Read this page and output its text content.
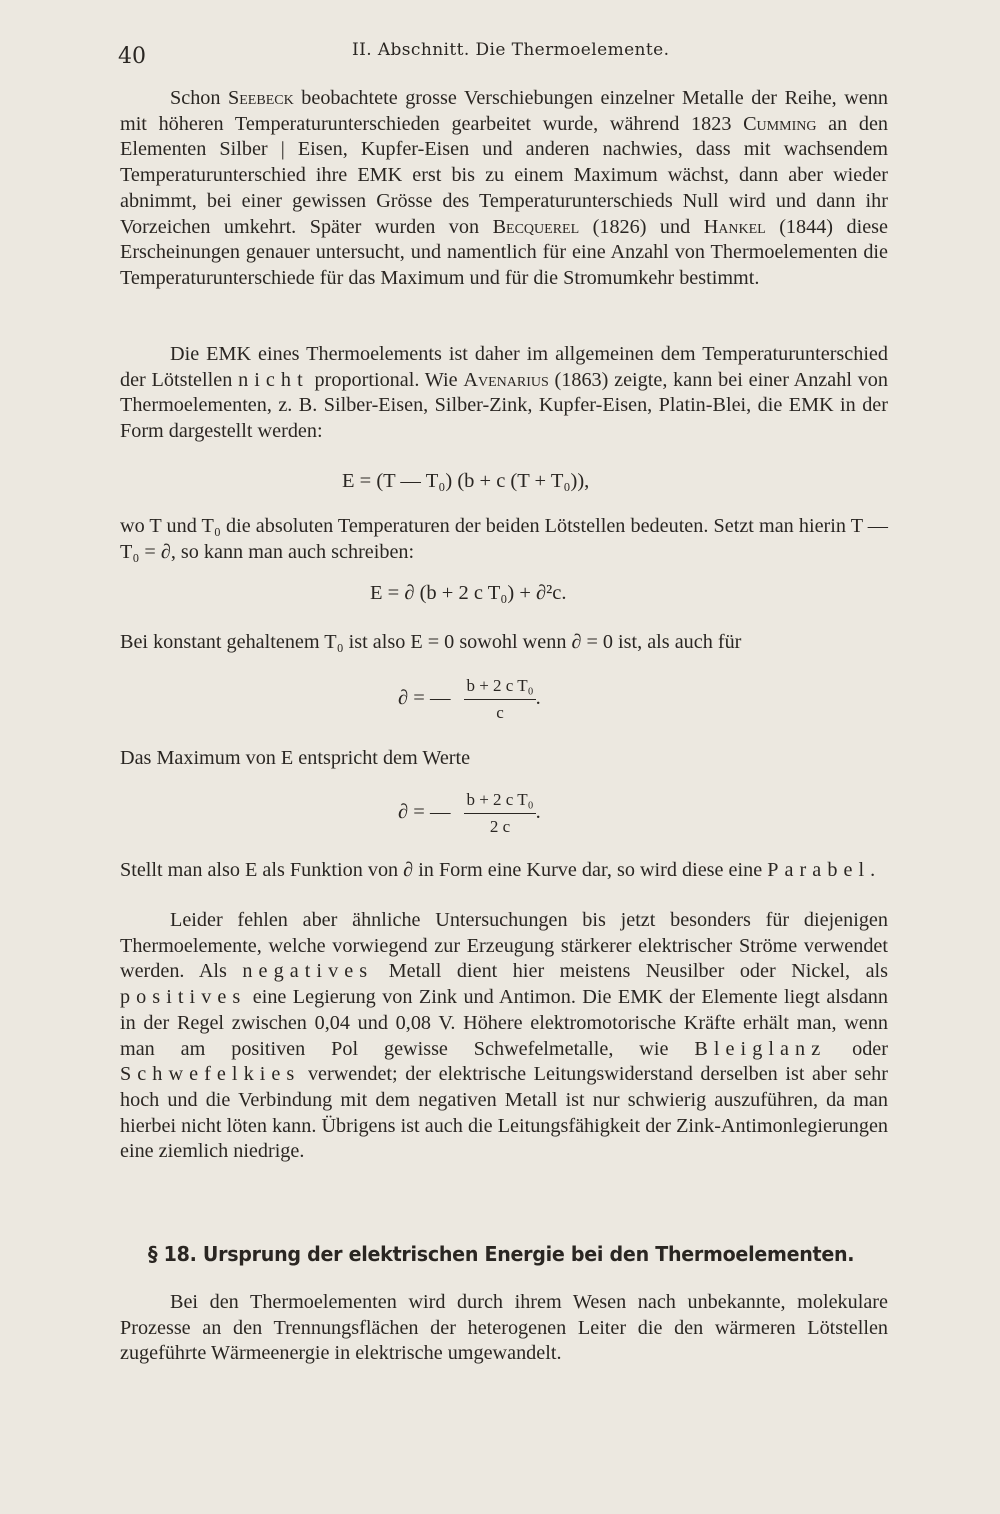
40	II. Abschnitt. Die Thermoelemente.
Schon Seebeck beobachtete grosse Verschiebungen einzelner Metalle der Reihe, wenn mit höheren Temperaturunterschieden gearbeitet wurde, während 1823 Cumming an den Elementen Silber | Eisen, Kupfer-Eisen und anderen nachwies, dass mit wachsendem Temperaturunterschied ihre EMK erst bis zu einem Maximum wächst, dann aber wieder abnimmt, bei einer gewissen Grösse des Temperaturunterschieds Null wird und dann ihr Vorzeichen umkehrt. Später wurden von Becquerel (1826) und Hankel (1844) diese Erscheinungen genauer untersucht, und namentlich für eine Anzahl von Thermoelementen die Temperaturunterschiede für das Maximum und für die Stromumkehr bestimmt.
Die EMK eines Thermoelements ist daher im allgemeinen dem Temperaturunterschied der Lötstellen nicht proportional. Wie Avenarius (1863) zeigte, kann bei einer Anzahl von Thermoelementen, z. B. Silber-Eisen, Silber-Zink, Kupfer-Eisen, Platin-Blei, die EMK in der Form dargestellt werden:
E = (T — T₀) (b + c (T + T₀)),
wo T und T₀ die absoluten Temperaturen der beiden Lötstellen bedeuten. Setzt man hierin T — T₀ = ∂, so kann man auch schreiben:
E = ∂ (b + 2 c T₀) + ∂²c.
Bei konstant gehaltenem T₀ ist also E = 0 sowohl wenn ∂ = 0 ist, als auch für
∂ = — $\frac{\text{b + 2 c T₀}}{c}$ .
Das Maximum von E entspricht dem Werte
∂ = — $\frac{\text{b + 2 c T₀}}{2 c}$ .
Stellt man also E als Funktion von ∂ in Form eine Kurve dar, so wird diese eine Parabel.
Leider fehlen aber ähnliche Untersuchungen bis jetzt besonders für diejenigen Thermoelemente, welche vorwiegend zur Erzeugung stärkerer elektrischer Ströme verwendet werden. Als negatives Metall dient hier meistens Neusilber oder Nickel, als positives eine Legierung von Zink und Antimon. Die EMK der Elemente liegt alsdann in der Regel zwischen 0,04 und 0,08 V. Höhere elektromotorische Kräfte erhält man, wenn man am positiven Pol gewisse Schwefelmetalle, wie Bleiglanz oder Schwefelkies verwendet; der elektrische Leitungswiderstand derselben ist aber sehr hoch und die Verbindung mit dem negativen Metall ist nur schwierig auszuführen, da man hierbei nicht löten kann. Übrigens ist auch die Leitungsfähigkeit der Zink-Antimonlegierungen eine ziemlich niedrige.
§ 18. Ursprung der elektrischen Energie bei den Thermoelementen.
Bei den Thermoelementen wird durch ihrem Wesen nach unbekannte, molekulare Prozesse an den Trennungsflächen der heterogenen Leiter die den wärmeren Lötstellen zugeführte Wärmeenergie in elektrische umgewandelt.
